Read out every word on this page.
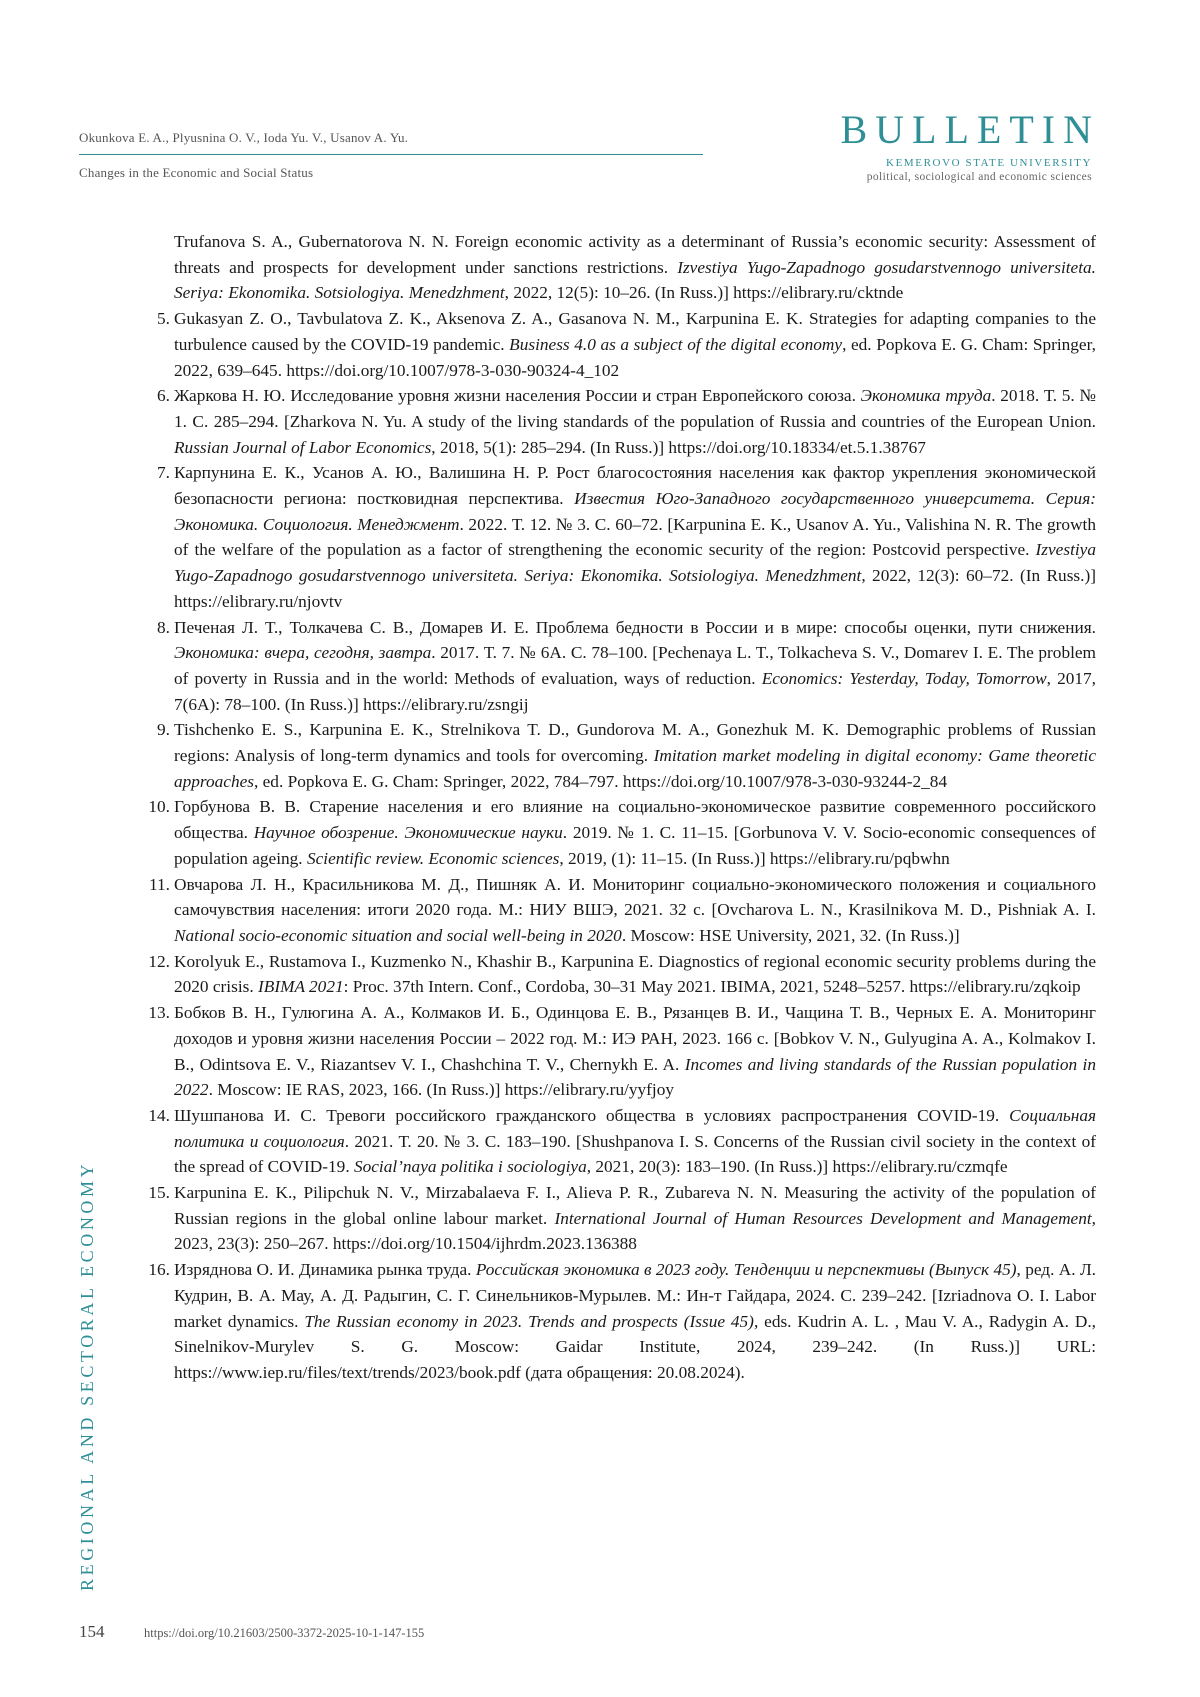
Okunkova E. A., Plyusnina O. V., Ioda Yu. V., Usanov A. Yu.
Changes in the Economic and Social Status
BULLETIN
KEMEROVO STATE UNIVERSITY
political, sociological and economic sciences

Trufanova S. A., Gubernatorova N. N. Foreign economic activity as a determinant of Russia’s economic security: Assessment of threats and prospects for development under sanctions restrictions. Izvestiya Yugo-Zapadnogo gosudarstvennogo universiteta. Seriya: Ekonomika. Sotsiologiya. Menedzhment, 2022, 12(5): 10–26. (In Russ.)] https://elibrary.ru/cktnde

5. Gukasyan Z. O., Tavbulatova Z. K., Aksenova Z. A., Gasanova N. M., Karpunina E. K. Strategies for adapting companies to the turbulence caused by the COVID-19 pandemic. Business 4.0 as a subject of the digital economy, ed. Popkova E. G. Cham: Springer, 2022, 639–645. https://doi.org/10.1007/978-3-030-90324-4_102

6. Жаркова Н. Ю. Исследование уровня жизни населения России и стран Европейского союза. Экономика труда. 2018. Т. 5. № 1. С. 285–294. [Zharkova N. Yu. A study of the living standards of the population of Russia and countries of the European Union. Russian Journal of Labor Economics, 2018, 5(1): 285–294. (In Russ.)] https://doi.org/10.18334/et.5.1.38767

7. Карпунина Е. К., Усанов А. Ю., Валишина Н. Р. Рост благосостояния населения как фактор укрепления экономической безопасности региона: постковидная перспектива. Известия Юго-Западного государственного университета. Серия: Экономика. Социология. Менеджмент. 2022. Т. 12. № 3. С. 60–72. [Karpunina E. K., Usanov A. Yu., Valishina N. R. The growth of the welfare of the population as a factor of strengthening the economic security of the region: Postcovid perspective. Izvestiya Yugo-Zapadnogo gosudarstvennogo universiteta. Seriya: Ekonomika. Sotsiologiya. Menedzhment, 2022, 12(3): 60–72. (In Russ.)] https://elibrary.ru/njovtv

8. Печеная Л. Т., Толкачева С. В., Домарев И. Е. Проблема бедности в России и в мире: способы оценки, пути снижения. Экономика: вчера, сегодня, завтра. 2017. Т. 7. № 6А. С. 78–100. [Pechenaya L. T., Tolkacheva S. V., Domarev I. E. The problem of poverty in Russia and in the world: Methods of evaluation, ways of reduction. Economics: Yesterday, Today, Tomorrow, 2017, 7(6A): 78–100. (In Russ.)] https://elibrary.ru/zsngij

9. Tishchenko E. S., Karpunina E. K., Strelnikova T. D., Gundorova M. A., Gonezhuk M. K. Demographic problems of Russian regions: Analysis of long-term dynamics and tools for overcoming. Imitation market modeling in digital economy: Game theoretic approaches, ed. Popkova E. G. Cham: Springer, 2022, 784–797. https://doi.org/10.1007/978-3-030-93244-2_84

10. Горбунова В. В. Старение населения и его влияние на социально-экономическое развитие современного российского общества. Научное обозрение. Экономические науки. 2019. № 1. С. 11–15. [Gorbunova V. V. Socio-economic consequences of population ageing. Scientific review. Economic sciences, 2019, (1): 11–15. (In Russ.)] https://elibrary.ru/pqbwhn

11. Овчарова Л. Н., Красильникова М. Д., Пишняк А. И. Мониторинг социально-экономического положения и социального самочувствия населения: итоги 2020 года. М.: НИУ ВШЭ, 2021. 32 с. [Ovcharova L. N., Krasilnikova M. D., Pishniak A. I. National socio-economic situation and social well-being in 2020. Moscow: HSE University, 2021, 32. (In Russ.)]

12. Korolyuk E., Rustamova I., Kuzmenko N., Khashir B., Karpunina E. Diagnostics of regional economic security problems during the 2020 crisis. IBIMA 2021: Proc. 37th Intern. Conf., Cordoba, 30–31 May 2021. IBIMA, 2021, 5248–5257. https://elibrary.ru/zqkoip

13. Бобков В. Н., Гулюгина А. А., Колмаков И. Б., Одинцова Е. В., Рязанцев В. И., Чащина Т. В., Черных Е. А. Мониторинг доходов и уровня жизни населения России – 2022 год. М.: ИЭ РАН, 2023. 166 с. [Bobkov V. N., Gulyugina A. A., Kolmakov I. B., Odintsova E. V., Riazantsev V. I., Chashchina T. V., Chernykh E. A. Incomes and living standards of the Russian population in 2022. Moscow: IE RAS, 2023, 166. (In Russ.)] https://elibrary.ru/yyfjoy

14. Шушпанова И. С. Тревоги российского гражданского общества в условиях распространения COVID-19. Социальная политика и социология. 2021. Т. 20. № 3. С. 183–190. [Shushpanova I. S. Concerns of the Russian civil society in the context of the spread of COVID-19. Social’naya politika i sociologiya, 2021, 20(3): 183–190. (In Russ.)] https://elibrary.ru/czmqfe

15. Karpunina E. K., Pilipchuk N. V., Mirzabalaeva F. I., Alieva P. R., Zubareva N. N. Measuring the activity of the population of Russian regions in the global online labour market. International Journal of Human Resources Development and Management, 2023, 23(3): 250–267. https://doi.org/10.1504/ijhrdm.2023.136388

16. Изряднова О. И. Динамика рынка труда. Российская экономика в 2023 году. Тенденции и перспективы (Выпуск 45), ред. А. Л. Кудрин, В. А. Мау, А. Д. Радыгин, С. Г. Синельников-Мурылев. М.: Ин-т Гайдара, 2024. С. 239–242. [Izriadnova O. I. Labor market dynamics. The Russian economy in 2023. Trends and prospects (Issue 45), eds. Kudrin A. L. , Mau V. A., Radygin A. D., Sinelnikov-Murylev S. G. Moscow: Gaidar Institute, 2024, 239–242. (In Russ.)] URL: https://www.iep.ru/files/text/trends/2023/book.pdf (дата обращения: 20.08.2024).

REGIONAL AND SECTORAL ECONOMY
154	https://doi.org/10.21603/2500-3372-2025-10-1-147-155
